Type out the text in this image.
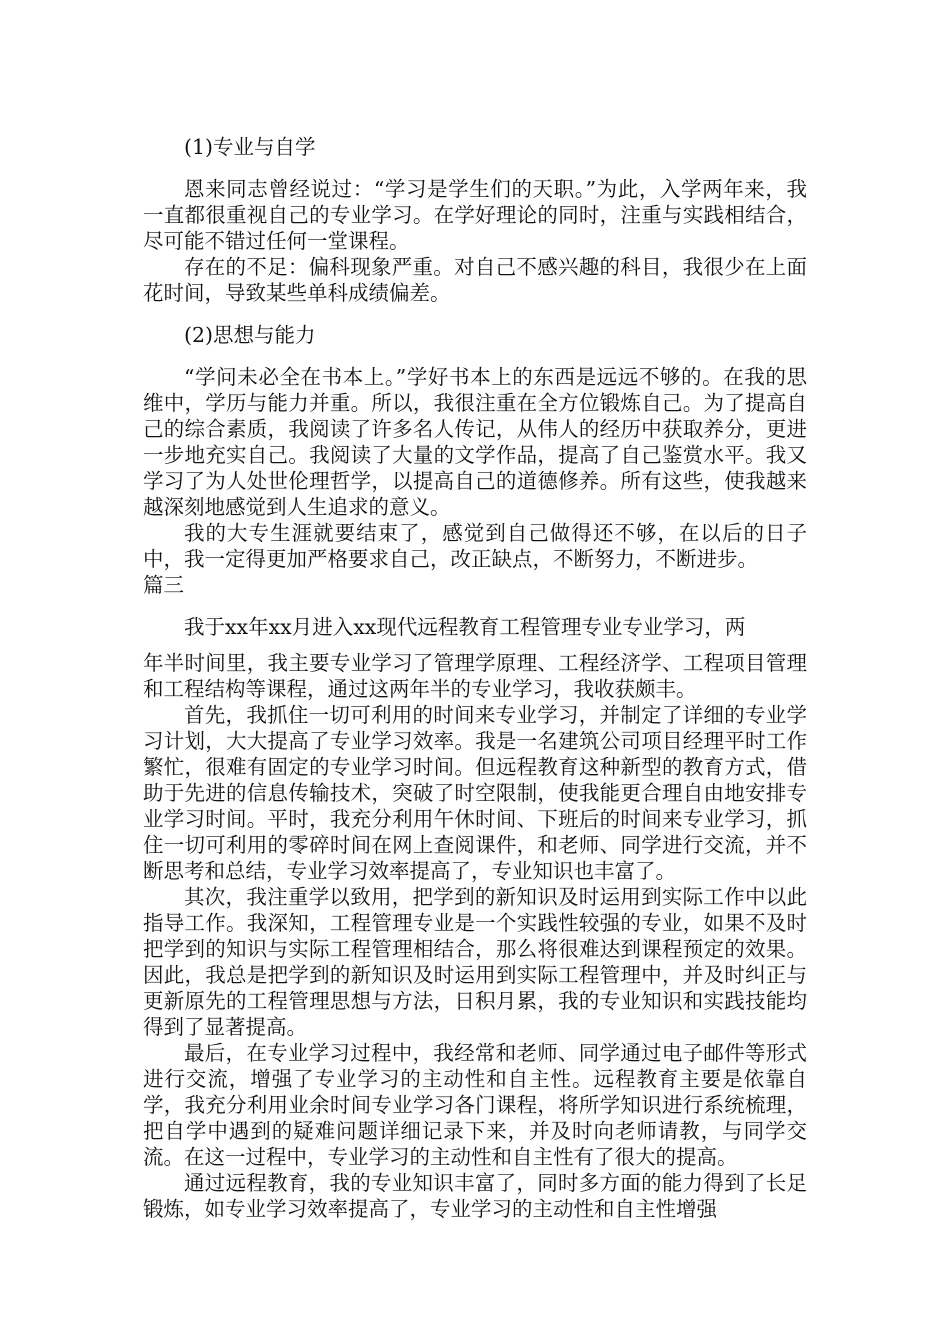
(1)专业与自学

恩来同志曾经说过：“学习是学生们的天职。”为此，入学两年来，我一直都很重视自己的专业学习。在学好理论的同时，注重与实践相结合，尽可能不错过任何一堂课程。

存在的不足：偏科现象严重。对自己不感兴趣的科目，我很少在上面花时间，导致某些单科成绩偏差。

(2)思想与能力

“学问未必全在书本上。”学好书本上的东西是远远不够的。在我的思维中，学历与能力并重。所以，我很注重在全方位锻炼自己。为了提高自己的综合素质，我阅读了许多名人传记，从伟人的经历中获取养分，更进一步地充实自己。我阅读了大量的文学作品，提高了自己鉴赏水平。我又学习了为人处世伦理哲学，以提高自己的道德修养。所有这些，使我越来越深刻地感觉到人生追求的意义。

我的大专生涯就要结束了，感觉到自己做得还不够，在以后的日子中，我一定得更加严格要求自己，改正缺点，不断努力，不断进步。

篇三

我于xx年xx月进入xx现代远程教育工程管理专业专业学习，两

年半时间里，我主要专业学习了管理学原理、工程经济学、工程项目管理和工程结构等课程，通过这两年半的专业学习，我收获颇丰。

首先，我抓住一切可利用的时间来专业学习，并制定了详细的专业学习计划，大大提高了专业学习效率。我是一名建筑公司项目经理平时工作繁忙，很难有固定的专业学习时间。但远程教育这种新型的教育方式，借助于先进的信息传输技术，突破了时空限制，使我能更合理自由地安排专业学习时间。平时，我充分利用午休时间、下班后的时间来专业学习，抓住一切可利用的零碎时间在网上查阅课件，和老师、同学进行交流，并不断思考和总结，专业学习效率提高了，专业知识也丰富了。

其次，我注重学以致用，把学到的新知识及时运用到实际工作中以此指导工作。我深知，工程管理专业是一个实践性较强的专业，如果不及时把学到的知识与实际工程管理相结合，那么将很难达到课程预定的效果。因此，我总是把学到的新知识及时运用到实际工程管理中，并及时纠正与更新原先的工程管理思想与方法，日积月累，我的专业知识和实践技能均得到了显著提高。

最后，在专业学习过程中，我经常和老师、同学通过电子邮件等形式进行交流，增强了专业学习的主动性和自主性。远程教育主要是依靠自学，我充分利用业余时间专业学习各门课程，将所学知识进行系统梳理，把自学中遇到的疑难问题详细记录下来，并及时向老师请教，与同学交流。在这一过程中，专业学习的主动性和自主性有了很大的提高。

通过远程教育，我的专业知识丰富了，同时多方面的能力得到了长足锻炼，如专业学习效率提高了，专业学习的主动性和自主性增强
